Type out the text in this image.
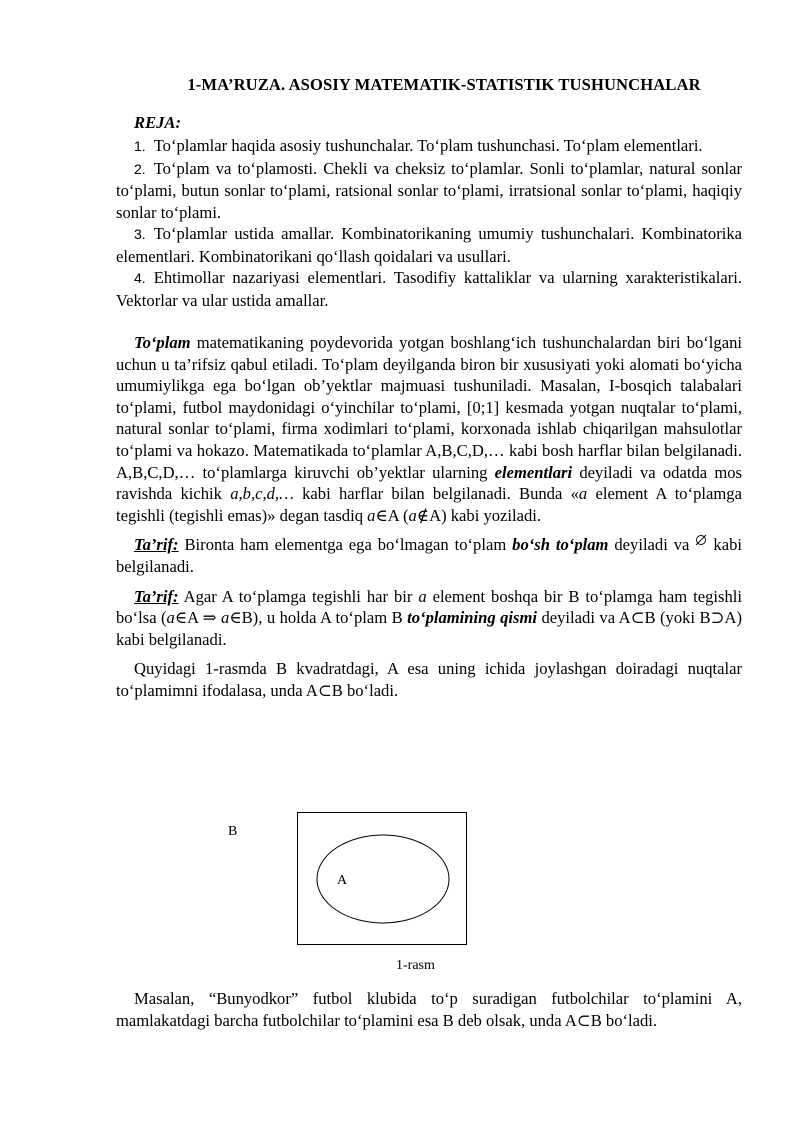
1-MA’RUZA. ASOSIY MATEMATIK-STATISTIK TUSHUNCHALAR
REJA:

1. To‘plamlar haqida asosiy tushunchalar. To‘plam tushunchasi. To‘plam elementlari.

2. To‘plam va to‘plamosti. Chekli va cheksiz to‘plamlar. Sonli to‘plamlar, natural sonlar to‘plami, butun sonlar to‘plami, ratsional sonlar to‘plami, irratsional sonlar to‘plami, haqiqiy sonlar to‘plami.

3. To‘plamlar ustida amallar. Kombinatorikaning umumiy tushunchalari. Kombinatorika elementlari. Kombinatorikani qo‘llash qoidalari va usullari.

4. Ehtimollar nazariyasi elementlari. Tasodifiy kattaliklar va ularning xarakteristikalari. Vektorlar va ular ustida amallar.

To‘plam matematikaning poydevorida yotgan boshlang‘ich tushunchalardan biri bo‘lgani uchun u ta’rifsiz qabul etiladi. To‘plam deyilganda biron bir xususiyati yoki alomati bo‘yicha umumiylikga ega bo‘lgan ob’yektlar majmuasi tushuniladi. Masalan, I-bosqich talabalari to‘plami, futbol maydonidagi o‘yinchilar to‘plami, [0;1] kesmada yotgan nuqtalar to‘plami, natural sonlar to‘plami, firma xodimlari to‘plami, korxonada ishlab chiqarilgan mahsulotlar to‘plami va hokazo. Matematikada to‘plamlar A,B,C,D,… kabi bosh harflar bilan belgilanadi. A,B,C,D,… to‘plamlarga kiruvchi ob’yektlar ularning elementlari deyiladi va odatda mos ravishda kichik a,b,c,d,… kabi harflar bilan belgilanadi. Bunda «a element A to‘plamga tegishli (tegishli emas)» degan tasdiq a∈A (a∉A) kabi yoziladi.

Ta’rif: Bironta ham elementga ega bo‘lmagan to‘plam bo‘sh to‘plam deyiladi va kabi belgilanadi.

Ta’rif: Agar A to‘plamga tegishli har bir a element boshqa bir B to‘plamga ham tegishli bo‘lsa (a∈A ⇒ a∈B), u holda A to‘plam B to‘plamining qismi deyiladi va A⊂B (yoki B⊃A) kabi belgilanadi.

Quyidagi 1-rasmda B kvadratdagi, A esa uning ichida joylashgan doiradagi nuqtalar to‘plamimni ifodalasa, unda A⊂B bo‘ladi.

B
A
1-rasm

Masalan, “Bunyodkor” futbol klubida to‘p suradigan futbolchilar to‘plamini A, mamlakatdagi barcha futbolchilar to‘plamini esa B deb olsak, unda A⊂B bo‘ladi.
